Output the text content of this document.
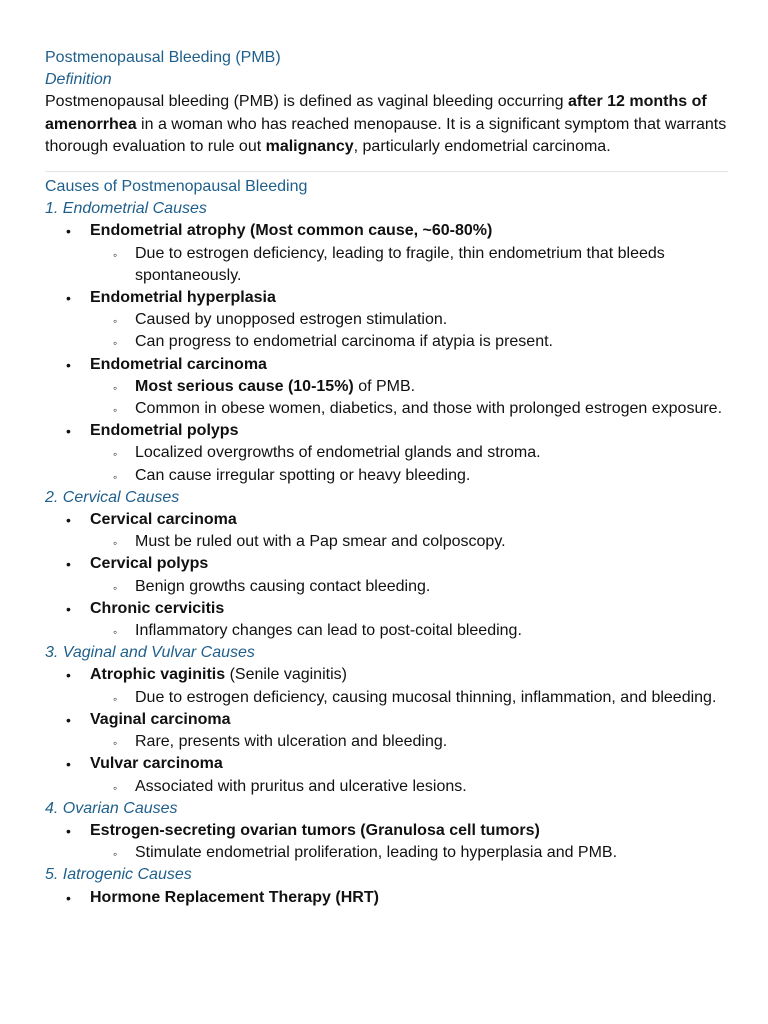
Postmenopausal Bleeding (PMB)
Definition

Postmenopausal bleeding (PMB) is defined as vaginal bleeding occurring after 12 months of amenorrhea in a woman who has reached menopause. It is a significant symptom that warrants thorough evaluation to rule out malignancy, particularly endometrial carcinoma.

Causes of Postmenopausal Bleeding
1. Endometrial Causes
• Endometrial atrophy (Most common cause, ~60-80%)
◦ Due to estrogen deficiency, leading to fragile, thin endometrium that bleeds spontaneously.
• Endometrial hyperplasia
◦ Caused by unopposed estrogen stimulation.
◦ Can progress to endometrial carcinoma if atypia is present.
• Endometrial carcinoma
◦ Most serious cause (10-15%) of PMB.
◦ Common in obese women, diabetics, and those with prolonged estrogen exposure.
• Endometrial polyps
◦ Localized overgrowths of endometrial glands and stroma.
◦ Can cause irregular spotting or heavy bleeding.
2. Cervical Causes
• Cervical carcinoma
◦ Must be ruled out with a Pap smear and colposcopy.
• Cervical polyps
◦ Benign growths causing contact bleeding.
• Chronic cervicitis
◦ Inflammatory changes can lead to post-coital bleeding.
3. Vaginal and Vulvar Causes
• Atrophic vaginitis (Senile vaginitis)
◦ Due to estrogen deficiency, causing mucosal thinning, inflammation, and bleeding.
• Vaginal carcinoma
◦ Rare, presents with ulceration and bleeding.
• Vulvar carcinoma
◦ Associated with pruritus and ulcerative lesions.
4. Ovarian Causes
• Estrogen-secreting ovarian tumors (Granulosa cell tumors)
◦ Stimulate endometrial proliferation, leading to hyperplasia and PMB.
5. Iatrogenic Causes
• Hormone Replacement Therapy (HRT)
